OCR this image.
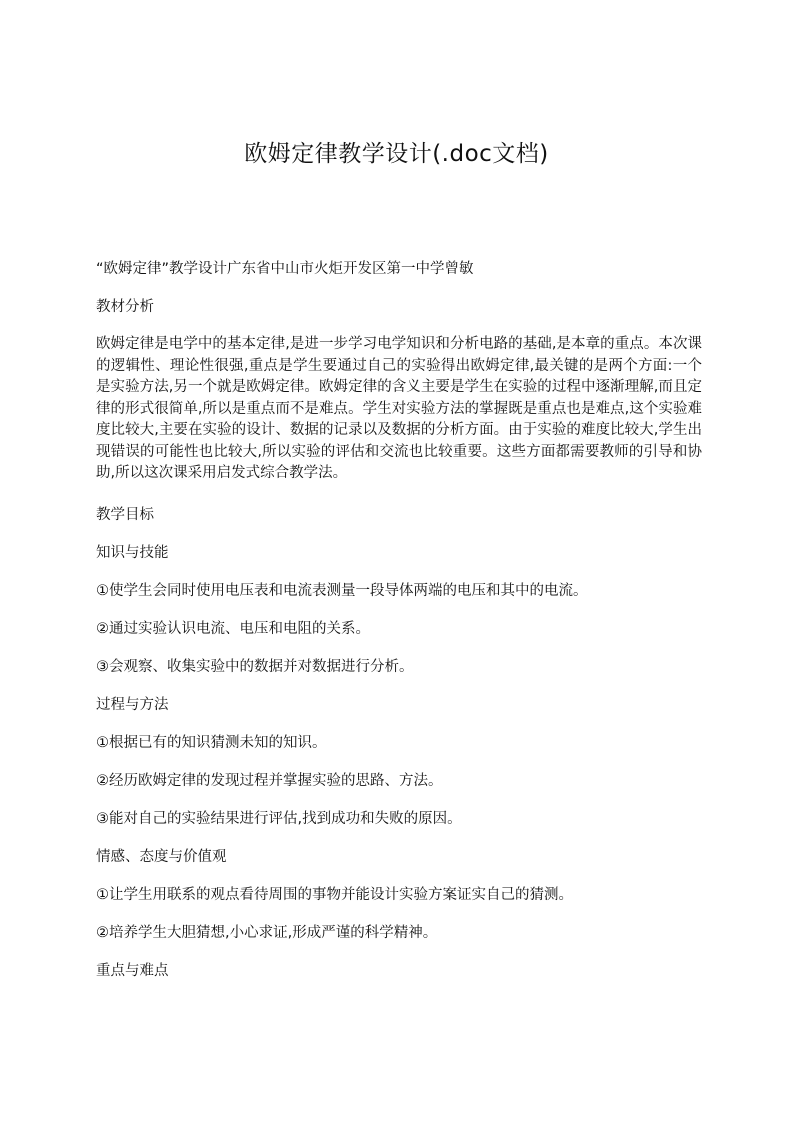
欧姆定律教学设计(.doc文档)

“欧姆定律”教学设计广东省中山市火炬开发区第一中学曾敏

教材分析

欧姆定律是电学中的基本定律,是进一步学习电学知识和分析电路的基础,是本章的重点。本次课的逻辑性、理论性很强,重点是学生要通过自己的实验得出欧姆定律,最关键的是两个方面:一个是实验方法,另一个就是欧姆定律。欧姆定律的含义主要是学生在实验的过程中逐渐理解,而且定律的形式很简单,所以是重点而不是难点。学生对实验方法的掌握既是重点也是难点,这个实验难度比较大,主要在实验的设计、数据的记录以及数据的分析方面。由于实验的难度比较大,学生出现错误的可能性也比较大,所以实验的评估和交流也比较重要。这些方面都需要教师的引导和协助,所以这次课采用启发式综合教学法。

教学目标

知识与技能

①使学生会同时使用电压表和电流表测量一段导体两端的电压和其中的电流。

②通过实验认识电流、电压和电阻的关系。

③会观察、收集实验中的数据并对数据进行分析。

过程与方法

①根据已有的知识猜测未知的知识。

②经历欧姆定律的发现过程并掌握实验的思路、方法。

③能对自己的实验结果进行评估,找到成功和失败的原因。

情感、态度与价值观

①让学生用联系的观点看待周围的事物并能设计实验方案证实自己的猜测。

②培养学生大胆猜想,小心求证,形成严谨的科学精神。

重点与难点
